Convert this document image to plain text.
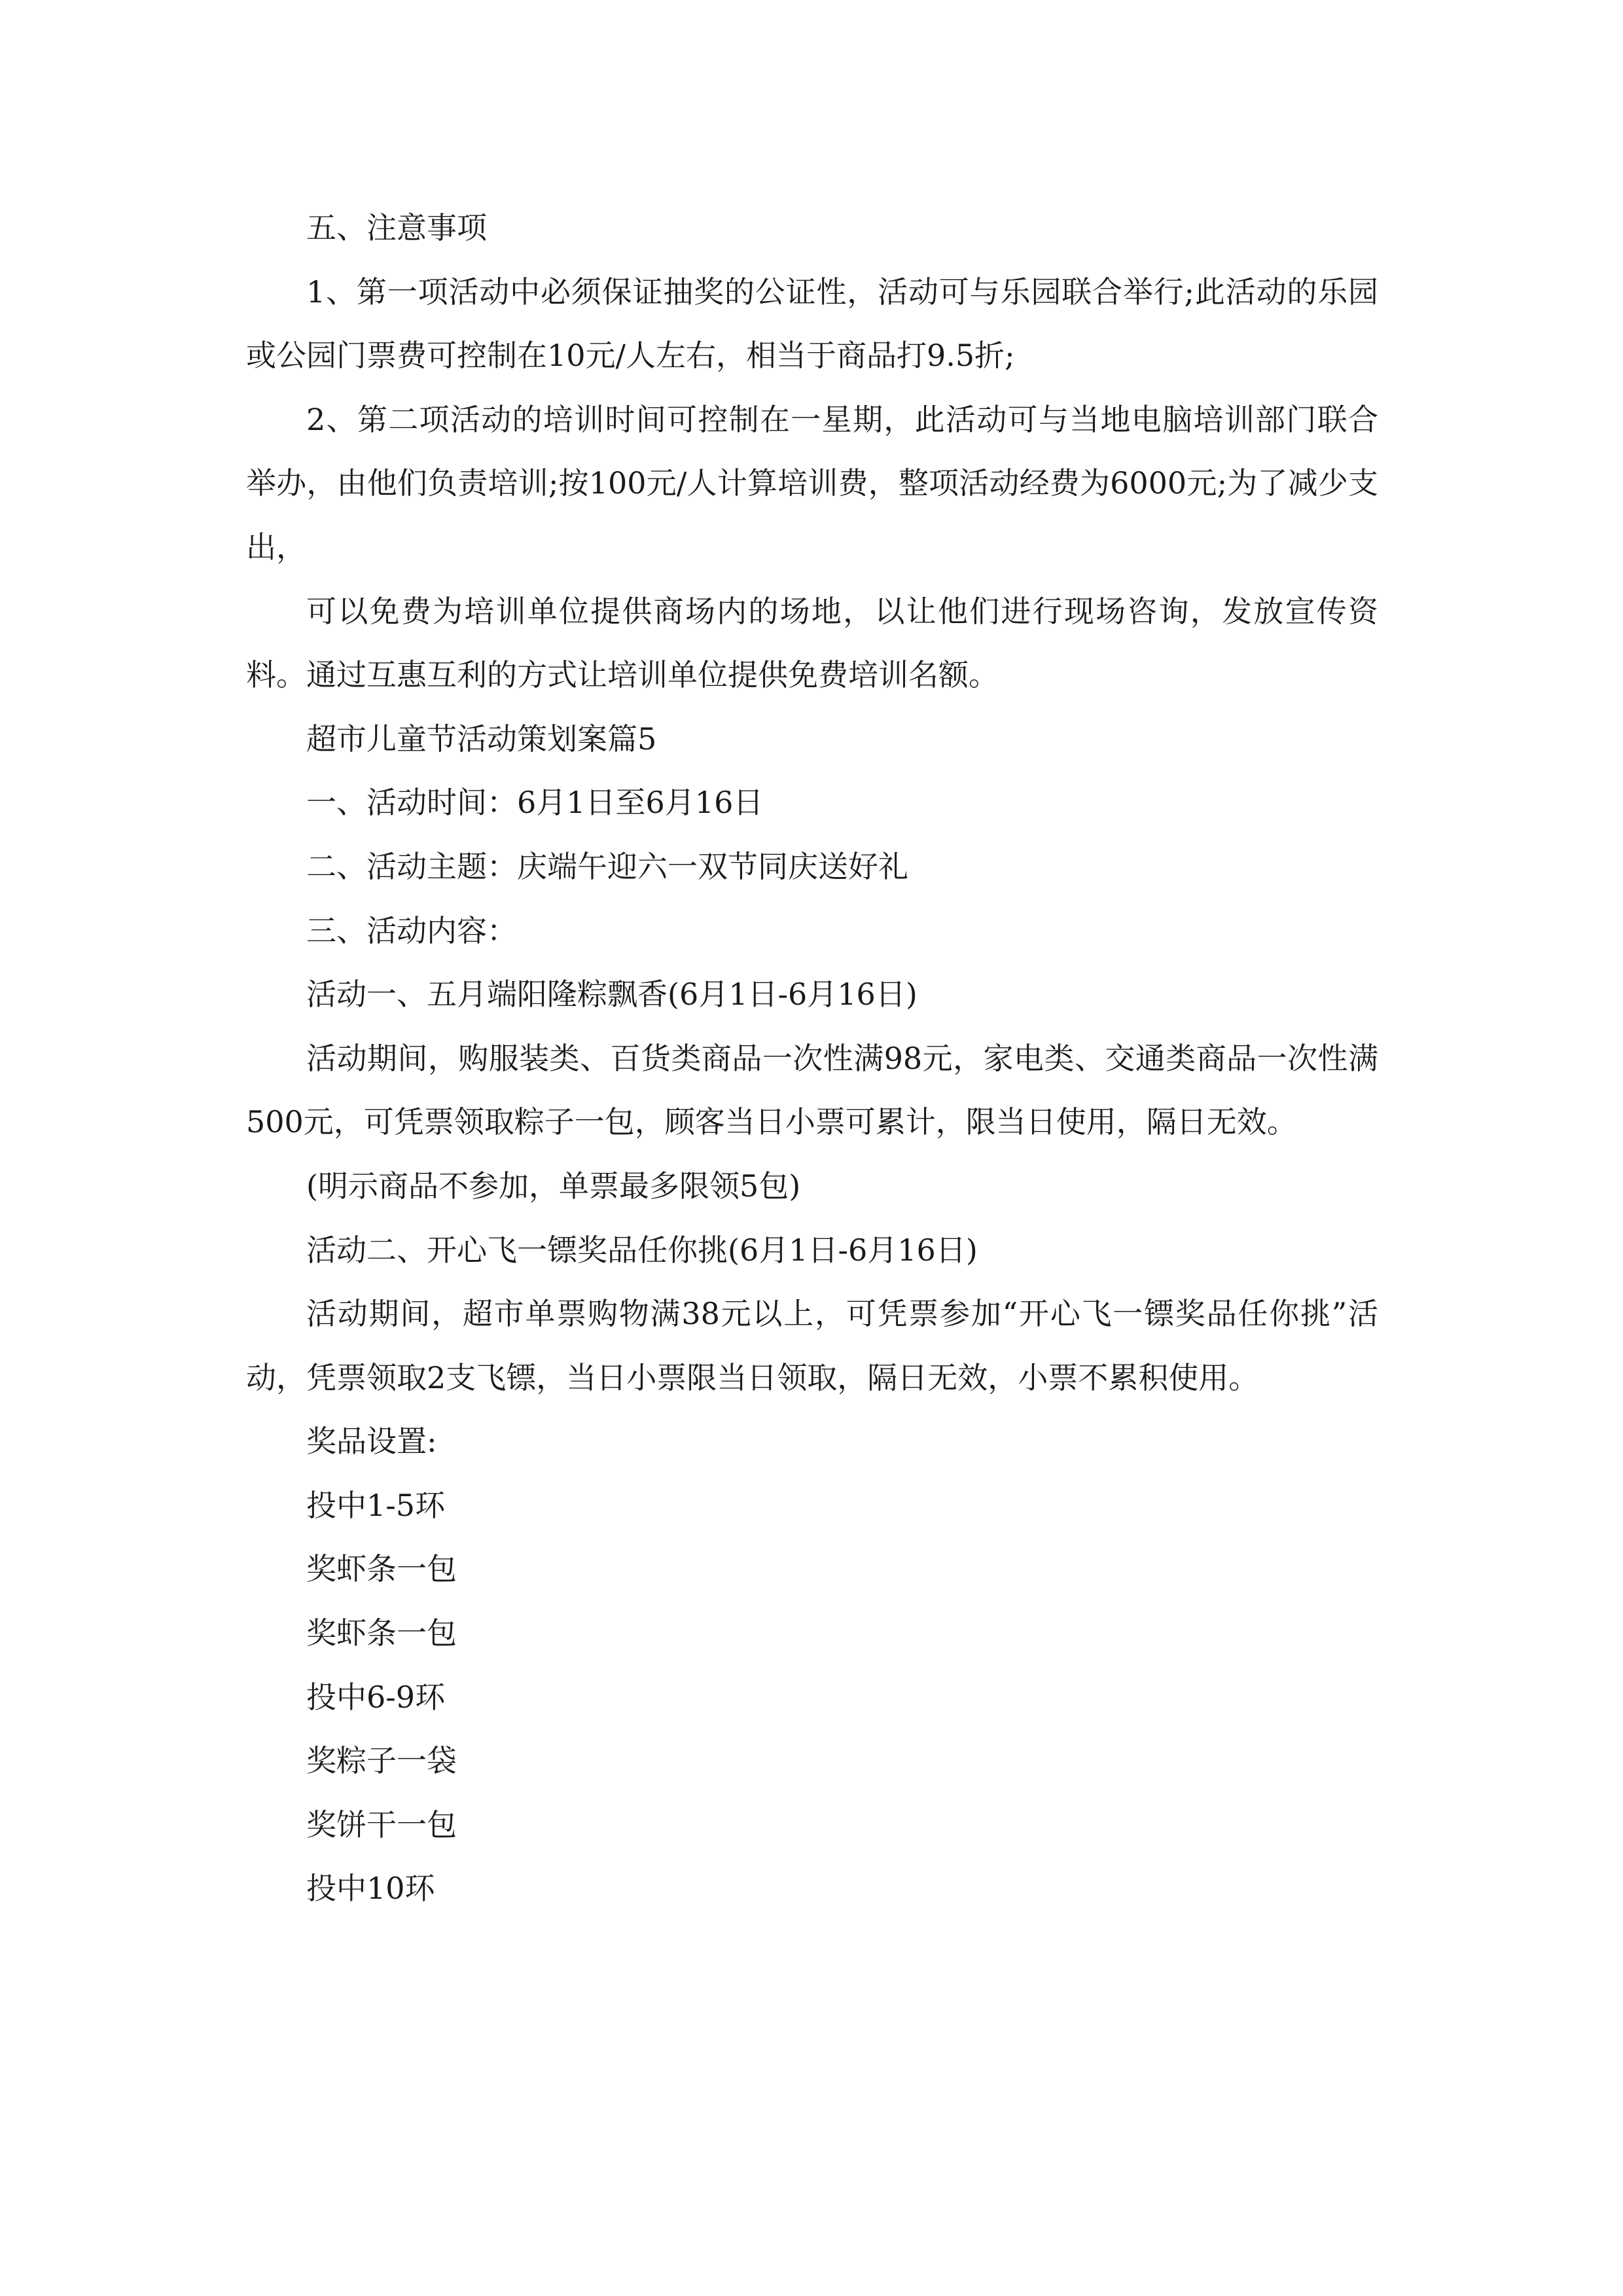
五、注意事项

1、第一项活动中必须保证抽奖的公证性，活动可与乐园联合举行;此活动的乐园或公园门票费可控制在10元/人左右，相当于商品打9.5折;

2、第二项活动的培训时间可控制在一星期，此活动可与当地电脑培训部门联合举办，由他们负责培训;按100元/人计算培训费，整项活动经费为6000元;为了减少支出，

可以免费为培训单位提供商场内的场地，以让他们进行现场咨询，发放宣传资料。通过互惠互利的方式让培训单位提供免费培训名额。

超市儿童节活动策划案篇5

一、活动时间：6月1日至6月16日

二、活动主题：庆端午迎六一双节同庆送好礼

三、活动内容：

活动一、五月端阳隆粽飘香(6月1日-6月16日)

活动期间，购服装类、百货类商品一次性满98元，家电类、交通类商品一次性满500元，可凭票领取粽子一包，顾客当日小票可累计，限当日使用，隔日无效。

(明示商品不参加，单票最多限领5包)

活动二、开心飞一镖奖品任你挑(6月1日-6月16日)

活动期间，超市单票购物满38元以上，可凭票参加“开心飞一镖奖品任你挑”活动，凭票领取2支飞镖，当日小票限当日领取，隔日无效，小票不累积使用。

奖品设置:

投中1-5环

奖虾条一包

奖虾条一包

投中6-9环

奖粽子一袋

奖饼干一包

投中10环
